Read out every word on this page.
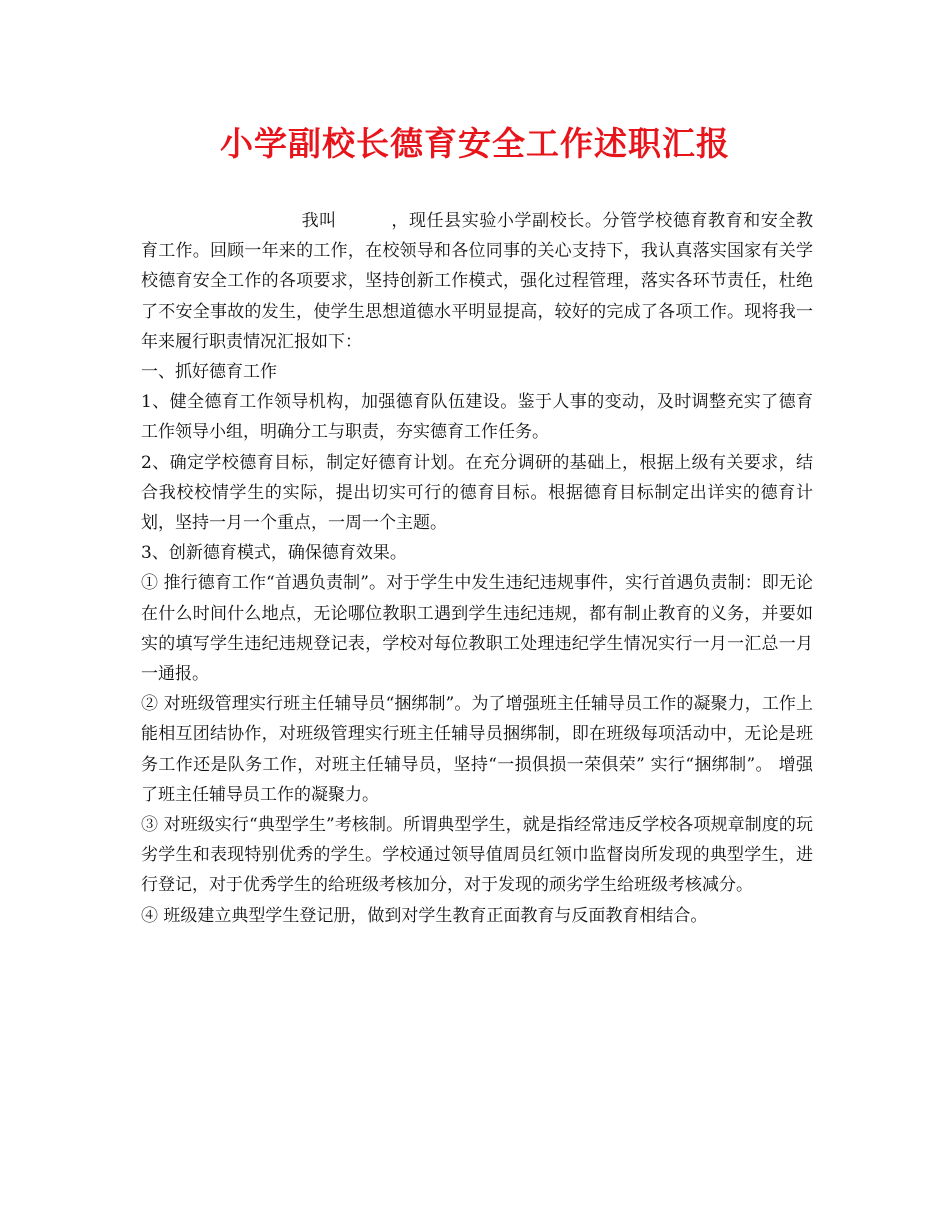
小学副校长德育安全工作述职汇报

我叫	，现任县实验小学副校长。分管学校德育教育和安全教育工作。回顾一年来的工作，在校领导和各位同事的关心支持下，我认真落实国家有关学校德育安全工作的各项要求，坚持创新工作模式，强化过程管理，落实各环节责任，杜绝了不安全事故的发生，使学生思想道德水平明显提高，较好的完成了各项工作。现将我一年来履行职责情况汇报如下：

一、抓好德育工作

1、健全德育工作领导机构，加强德育队伍建设。鉴于人事的变动，及时调整充实了德育工作领导小组，明确分工与职责，夯实德育工作任务。

2、确定学校德育目标，制定好德育计划。在充分调研的基础上，根据上级有关要求，结合我校校情学生的实际，提出切实可行的德育目标。根据德育目标制定出详实的德育计划，坚持一月一个重点，一周一个主题。

3、创新德育模式，确保德育效果。

① 推行德育工作“首遇负责制”。对于学生中发生违纪违规事件，实行首遇负责制：即无论在什么时间什么地点，无论哪位教职工遇到学生违纪违规，都有制止教育的义务，并要如实的填写学生违纪违规登记表，学校对每位教职工处理违纪学生情况实行一月一汇总一月一通报。

② 对班级管理实行班主任辅导员“捆绑制”。为了增强班主任辅导员工作的凝聚力，工作上能相互团结协作，对班级管理实行班主任辅导员捆绑制，即在班级每项活动中，无论是班务工作还是队务工作，对班主任辅导员，坚持“一损俱损一荣俱荣” 实行“捆绑制”。 增强了班主任辅导员工作的凝聚力。

③ 对班级实行“典型学生”考核制。所谓典型学生，就是指经常违反学校各项规章制度的玩劣学生和表现特别优秀的学生。学校通过领导值周员红领巾监督岗所发现的典型学生，进行登记，对于优秀学生的给班级考核加分，对于发现的顽劣学生给班级考核减分。

④ 班级建立典型学生登记册，做到对学生教育正面教育与反面教育相结合。
